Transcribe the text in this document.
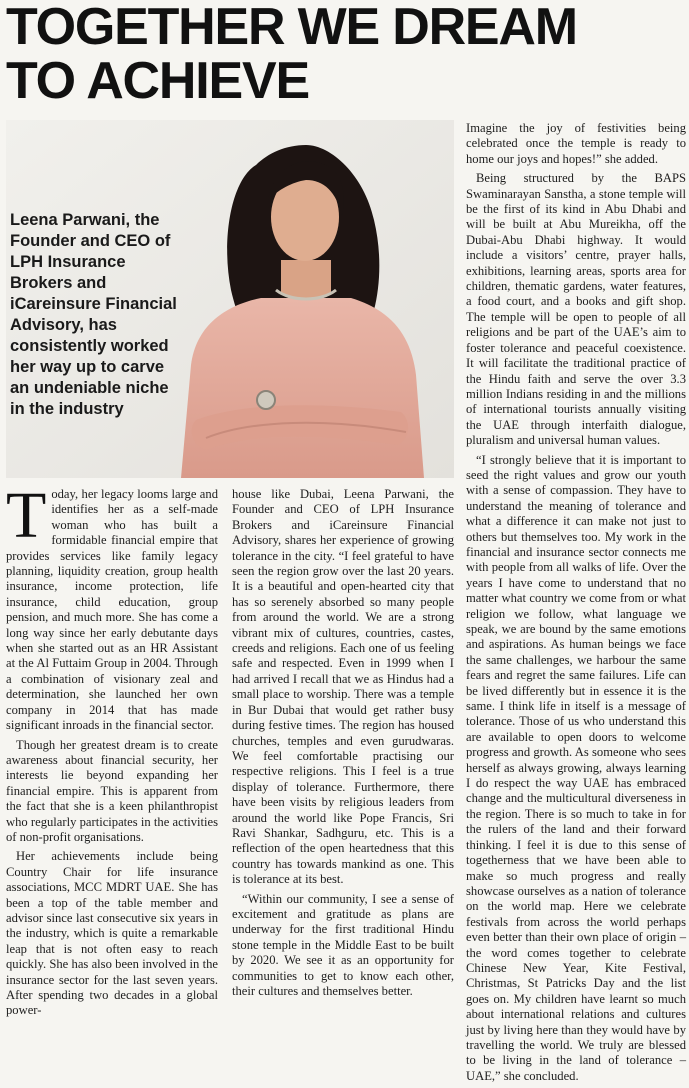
TOGETHER WE DREAM
TO ACHIEVE

Leena Parwani, the Founder and CEO of LPH Insurance Brokers and iCareinsure Financial Advisory, has consistently worked her way up to carve an undeniable niche in the industry

Today, her legacy looms large and identifies her as a self-made woman who has built a formidable financial empire that provides services like family legacy planning, liquidity creation, group health insurance, income protection, life insurance, child education, group pension, and much more. She has come a long way since her early debutante days when she started out as an HR Assistant at the Al Futtaim Group in 2004. Through a combination of visionary zeal and determination, she launched her own company in 2014 that has made significant inroads in the financial sector.

Though her greatest dream is to create awareness about financial security, her interests lie beyond expanding her financial empire. This is apparent from the fact that she is a keen philanthropist who regularly participates in the activities of non-profit organisations.

Her achievements include being Country Chair for life insurance associations, MCC MDRT UAE. She has been a top of the table member and advisor since last consecutive six years in the industry, which is quite a remarkable leap that is not often easy to reach quickly. She has also been involved in the insurance sector for the last seven years. After spending two decades in a global power-

house like Dubai, Leena Parwani, the Founder and CEO of LPH Insurance Brokers and iCareinsure Financial Advisory, shares her experience of growing tolerance in the city. “I feel grateful to have seen the region grow over the last 20 years. It is a beautiful and open-hearted city that has so serenely absorbed so many people from around the world. We are a strong vibrant mix of cultures, countries, castes, creeds and religions. Each one of us feeling safe and respected. Even in 1999 when I had arrived I recall that we as Hindus had a small place to worship. There was a temple in Bur Dubai that would get rather busy during festive times. The region has housed churches, temples and even gurudwaras. We feel comfortable practising our respective religions. This I feel is a true display of tolerance. Furthermore, there have been visits by religious leaders from around the world like Pope Francis, Sri Ravi Shankar, Sadhguru, etc. This is a reflection of the open heartedness that this country has towards mankind as one. This is tolerance at its best.

“Within our community, I see a sense of excitement and gratitude as plans are underway for the first traditional Hindu stone temple in the Middle East to be built by 2020. We see it as an opportunity for communities to get to know each other, their cultures and themselves better.

Imagine the joy of festivities being celebrated once the temple is ready to home our joys and hopes!” she added.

Being structured by the BAPS Swaminarayan Sanstha, a stone temple will be the first of its kind in Abu Dhabi and will be built at Abu Mureikha, off the Dubai-Abu Dhabi highway. It would include a visitors’ centre, prayer halls, exhibitions, learning areas, sports area for children, thematic gardens, water features, a food court, and a books and gift shop. The temple will be open to people of all religions and be part of the UAE’s aim to foster tolerance and peaceful coexistence. It will facilitate the traditional practice of the Hindu faith and serve the over 3.3 million Indians residing in and the millions of international tourists annually visiting the UAE through interfaith dialogue, pluralism and universal human values.

“I strongly believe that it is important to seed the right values and grow our youth with a sense of compassion. They have to understand the meaning of tolerance and what a difference it can make not just to others but themselves too. My work in the financial and insurance sector connects me with people from all walks of life. Over the years I have come to understand that no matter what country we come from or what religion we follow, what language we speak, we are bound by the same emotions and aspirations. As human beings we face the same challenges, we harbour the same fears and regret the same failures. Life can be lived differently but in essence it is the same. I think life in itself is a message of tolerance. Those of us who understand this are available to open doors to welcome progress and growth. As someone who sees herself as always growing, always learning I do respect the way UAE has embraced change and the multicultural diverseness in the region. There is so much to take in for the rulers of the land and their forward thinking. I feel it is due to this sense of togetherness that we have been able to make so much progress and really showcase ourselves as a nation of tolerance on the world map. Here we celebrate festivals from across the world perhaps even better than their own place of origin – the word comes together to celebrate Chinese New Year, Kite Festival, Christmas, St Patricks Day and the list goes on. My children have learnt so much about international relations and cultures just by living here than they would have by travelling the world. We truly are blessed to be living in the land of tolerance – UAE,” she concluded.
